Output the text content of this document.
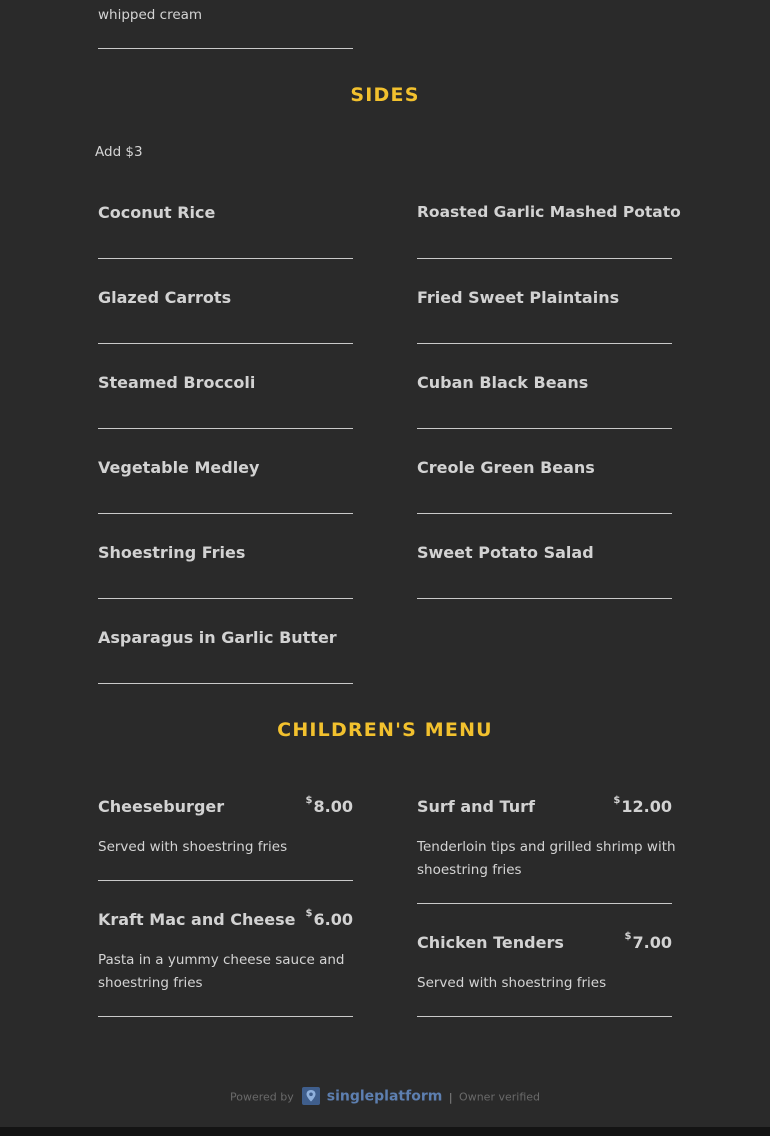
whipped cream
SIDES
Add $3
Coconut Rice
Glazed Carrots
Steamed Broccoli
Vegetable Medley
Shoestring Fries
Asparagus in Garlic Butter
Roasted Garlic Mashed Potato
Fried Sweet Plaintains
Cuban Black Beans
Creole Green Beans
Sweet Potato Salad
CHILDREN'S MENU
Cheeseburger	$8.00
Served with shoestring fries
Kraft Mac and Cheese	$6.00
Pasta in a yummy cheese sauce and shoestring fries
Surf and Turf	$12.00
Tenderloin tips and grilled shrimp with shoestring fries
Chicken Tenders	$7.00
Served with shoestring fries
Powered by singleplatform | Owner verified
